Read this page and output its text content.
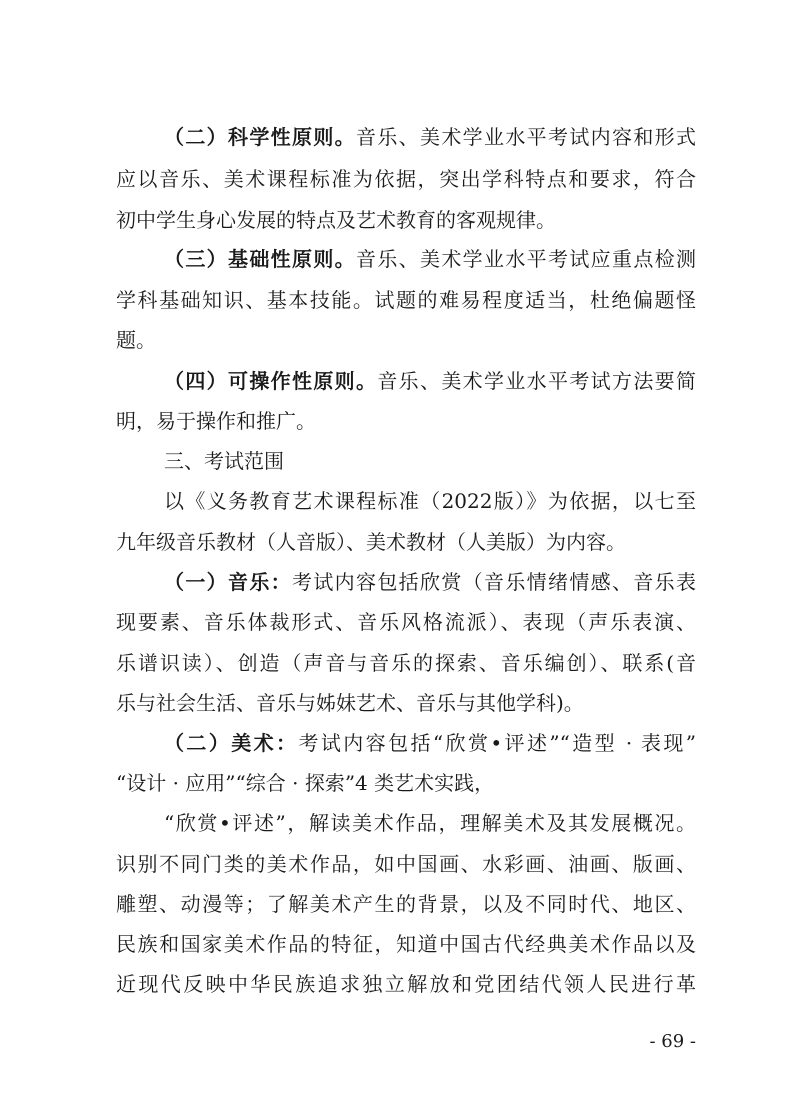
（二）科学性原则。音乐、美术学业水平考试内容和形式
应以音乐、美术课程标准为依据，突出学科特点和要求，符合
初中学生身心发展的特点及艺术教育的客观规律。
（三）基础性原则。音乐、美术学业水平考试应重点检测
学科基础知识、基本技能。试题的难易程度适当，杜绝偏题怪
题。
（四）可操作性原则。音乐、美术学业水平考试方法要简
明，易于操作和推广。
三、考试范围
以《义务教育艺术课程标准（2022版）》为依据，以七至
九年级音乐教材（人音版）、美术教材（人美版）为内容。
（一）音乐：考试内容包括欣赏（音乐情绪情感、音乐表
现要素、音乐体裁形式、音乐风格流派）、表现（声乐表演、
乐谱识读）、创造（声音与音乐的探索、音乐编创）、联系(音
乐与社会生活、音乐与姊妹艺术、音乐与其他学科)。
（二）美术：考试内容包括“欣赏•评述”“造型 · 表现”
“设计 · 应用”“综合 · 探索”4 类艺术实践，
“欣赏•评述”，解读美术作品，理解美术及其发展概况。
识别不同门类的美术作品，如中国画、水彩画、油画、版画、
雕塑、动漫等；了解美术产生的背景，以及不同时代、地区、
民族和国家美术作品的特征，知道中国古代经典美术作品以及
近现代反映中华民族追求独立解放和党团结代领人民进行革
- 69 -
